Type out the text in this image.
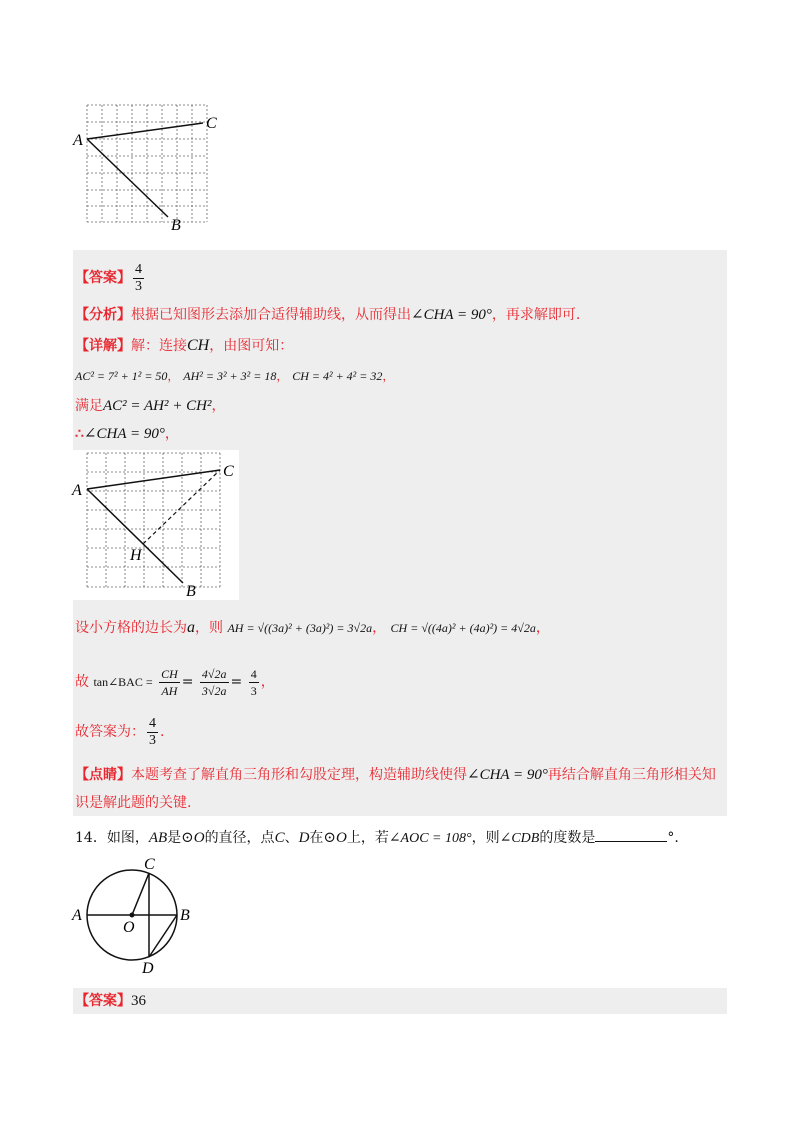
A
C
B
【答案】 $\frac{4}{3}$
【分析】根据已知图形去添加合适得辅助线，从而得出∠CHA = 90°，再求解即可.
【详解】解：连接CH，由图可知：
AC² = 7² + 1² = 50， AH² = 3² + 3² = 18， CH = 4² + 4² = 32，
满足AC² = AH² + CH²，
∴∠CHA = 90°，
A
C
H
B
设小方格的边长为a，则 AH = √((3a)² + (3a)²) = 3√2a， CH = √((4a)² + (4a)²) = 4√2a，
故 tan∠BAC = $\frac{CH}{AH} = \frac{4√2a}{3√2a} = \frac{4}{3}$ ，
故答案为： $\frac{4}{3}$ .
【点睛】本题考查了解直角三角形和勾股定理，构造辅助线使得∠CHA = 90°再结合解直角三角形相关知
识是解此题的关键.
14．如图，AB是⊙O的直径，点C、D在⊙O上，若∠AOC = 108°，则∠CDB的度数是	°.
A	B
C
D
O
【答案】36
